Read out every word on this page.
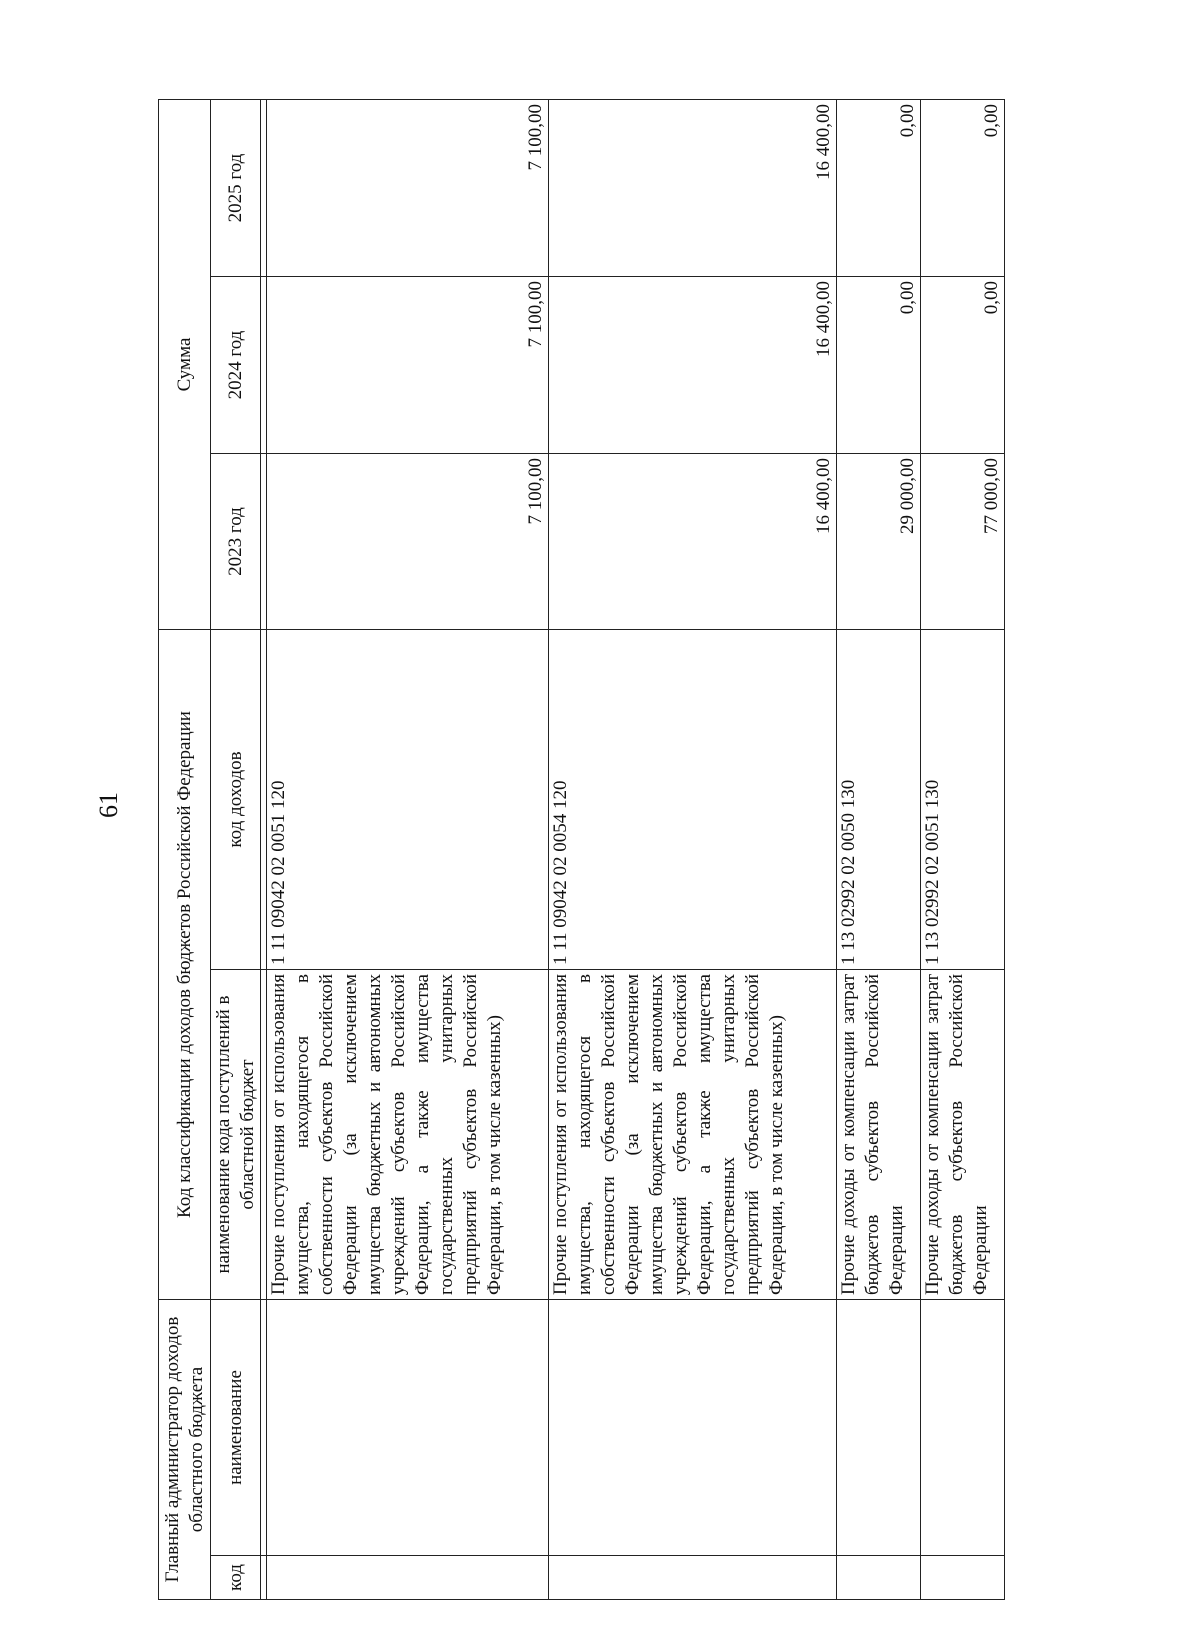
61
Главный администратор доходов областного бюджета		Код классификации доходов бюджетов Российской Федерации		Сумма		
код	наименование	наименование кода поступлений в областной бюджет	код доходов	2023 год	2024 год	2025 год

		Прочие поступления от использования имущества, находящегося в собственности субъектов Российской Федерации (за исключением имущества бюджетных и автономных учреждений субъектов Российской Федерации, а также имущества государственных унитарных предприятий субъектов Российской Федерации, в том числе казенных)	1 11 09042 02 0051 120	7 100,00	7 100,00	7 100,00
		Прочие поступления от использования имущества, находящегося в собственности субъектов Российской Федерации (за исключением имущества бюджетных и автономных учреждений субъектов Российской Федерации, а также имущества государственных унитарных предприятий субъектов Российской Федерации, в том числе казенных)	1 11 09042 02 0054 120	16 400,00	16 400,00	16 400,00
		Прочие доходы от компенсации затрат бюджетов субъектов Российской Федерации	1 13 02992 02 0050 130	29 000,00	0,00	0,00
		Прочие доходы от компенсации затрат бюджетов субъектов Российской Федерации	1 13 02992 02 0051 130	77 000,00	0,00	0,00
